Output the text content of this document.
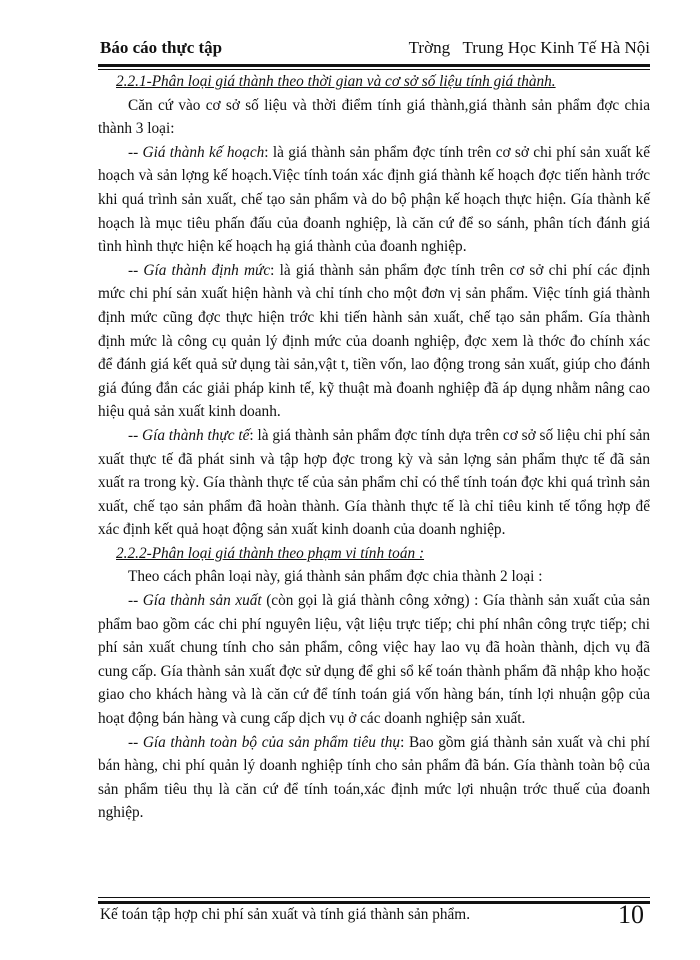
Báo cáo thực tập	Trờng   Trung Học Kinh Tế Hà Nội

2.2.1-Phân loại giá thành theo thời gian và cơ sở số liệu tính giá thành.

Căn cứ vào cơ sở số liệu và thời điểm tính giá thành,giá thành sản phẩm đợc chia thành 3 loại:

-- Giá thành kế hoạch: là giá thành sản phẩm đợc tính trên cơ sở chi phí sản xuất kế hoạch và sản lợng kế hoạch.Việc tính toán xác định giá thành kế hoạch đợc tiến hành trớc khi quá trình sản xuất, chế tạo sản phẩm và do bộ phận kế hoạch thực hiện. Gía thành kế hoạch là mục tiêu phấn đấu của đoanh nghiệp, là căn cứ để so sánh, phân tích đánh giá tình hình thực hiện kế hoạch hạ giá thành của đoanh nghiệp.

-- Gía thành định mức: là giá thành sản phẩm đợc tính trên cơ sở chi phí các định mức chi phí sản xuất hiện hành và chỉ tính cho một đơn vị sản phẩm. Việc tính giá thành định mức cũng đợc thực hiện trớc khi tiến hành sản xuất, chế tạo sản phẩm. Gía thành định mức là công cụ quản lý định mức của doanh nghiệp, đợc xem là thớc đo chính xác để đánh giá kết quả sử dụng tài sản,vật t, tiền vốn, lao động trong sản xuất, giúp cho đánh giá đúng đắn các giải pháp kinh tế, kỹ thuật mà đoanh nghiệp đã áp dụng nhằm nâng cao hiệu quả sản xuất kinh doanh.

-- Gía thành thực tế: là giá thành sản phẩm đợc tính dựa trên cơ sở số liệu chi phí sản xuất thực tế đã phát sinh và tập hợp đợc trong kỳ và sản lợng sản phẩm thực tế đã sản xuất ra trong kỳ. Gía thành thực tế của sản phẩm chỉ có thể tính toán đợc khi quá trình sản xuất, chế tạo sản phẩm đã hoàn thành. Gía thành thực tế là chỉ tiêu kinh tế tổng hợp để xác định kết quả hoạt động sản xuất kinh doanh của doanh nghiệp.

2.2.2-Phân loại giá thành theo phạm vi tính toán :

Theo cách phân loại này, giá thành sản phẩm đợc chia thành 2 loại :

-- Gía thành sản xuất (còn gọi là giá thành công xởng) : Gía thành sản xuất của sản phẩm bao gồm các chi phí nguyên liệu, vật liệu trực tiếp; chi phí nhân công trực tiếp; chi phí sản xuất chung tính cho sản phẩm, công việc hay lao vụ đã hoàn thành, dịch vụ đã cung cấp. Gía thành sản xuất đợc sử dụng để ghi sổ kế toán thành phẩm đã nhập kho hoặc giao cho khách hàng và là căn cứ để tính toán giá vốn hàng bán, tính lợi nhuận gộp của hoạt động bán hàng và cung cấp dịch vụ ở các doanh nghiệp sản xuất.

-- Gía thành toàn bộ của sản phẩm tiêu thụ: Bao gồm giá thành sản xuất và chi phí bán hàng, chi phí quản lý doanh nghiệp tính cho sản phẩm đã bán. Gía thành toàn bộ của sản phẩm tiêu thụ là căn cứ để tính toán,xác định mức lợi nhuận trớc thuế của đoanh nghiệp.

Kế toán tập hợp chi phí sản xuất và tính giá thành sản phẩm.	10
